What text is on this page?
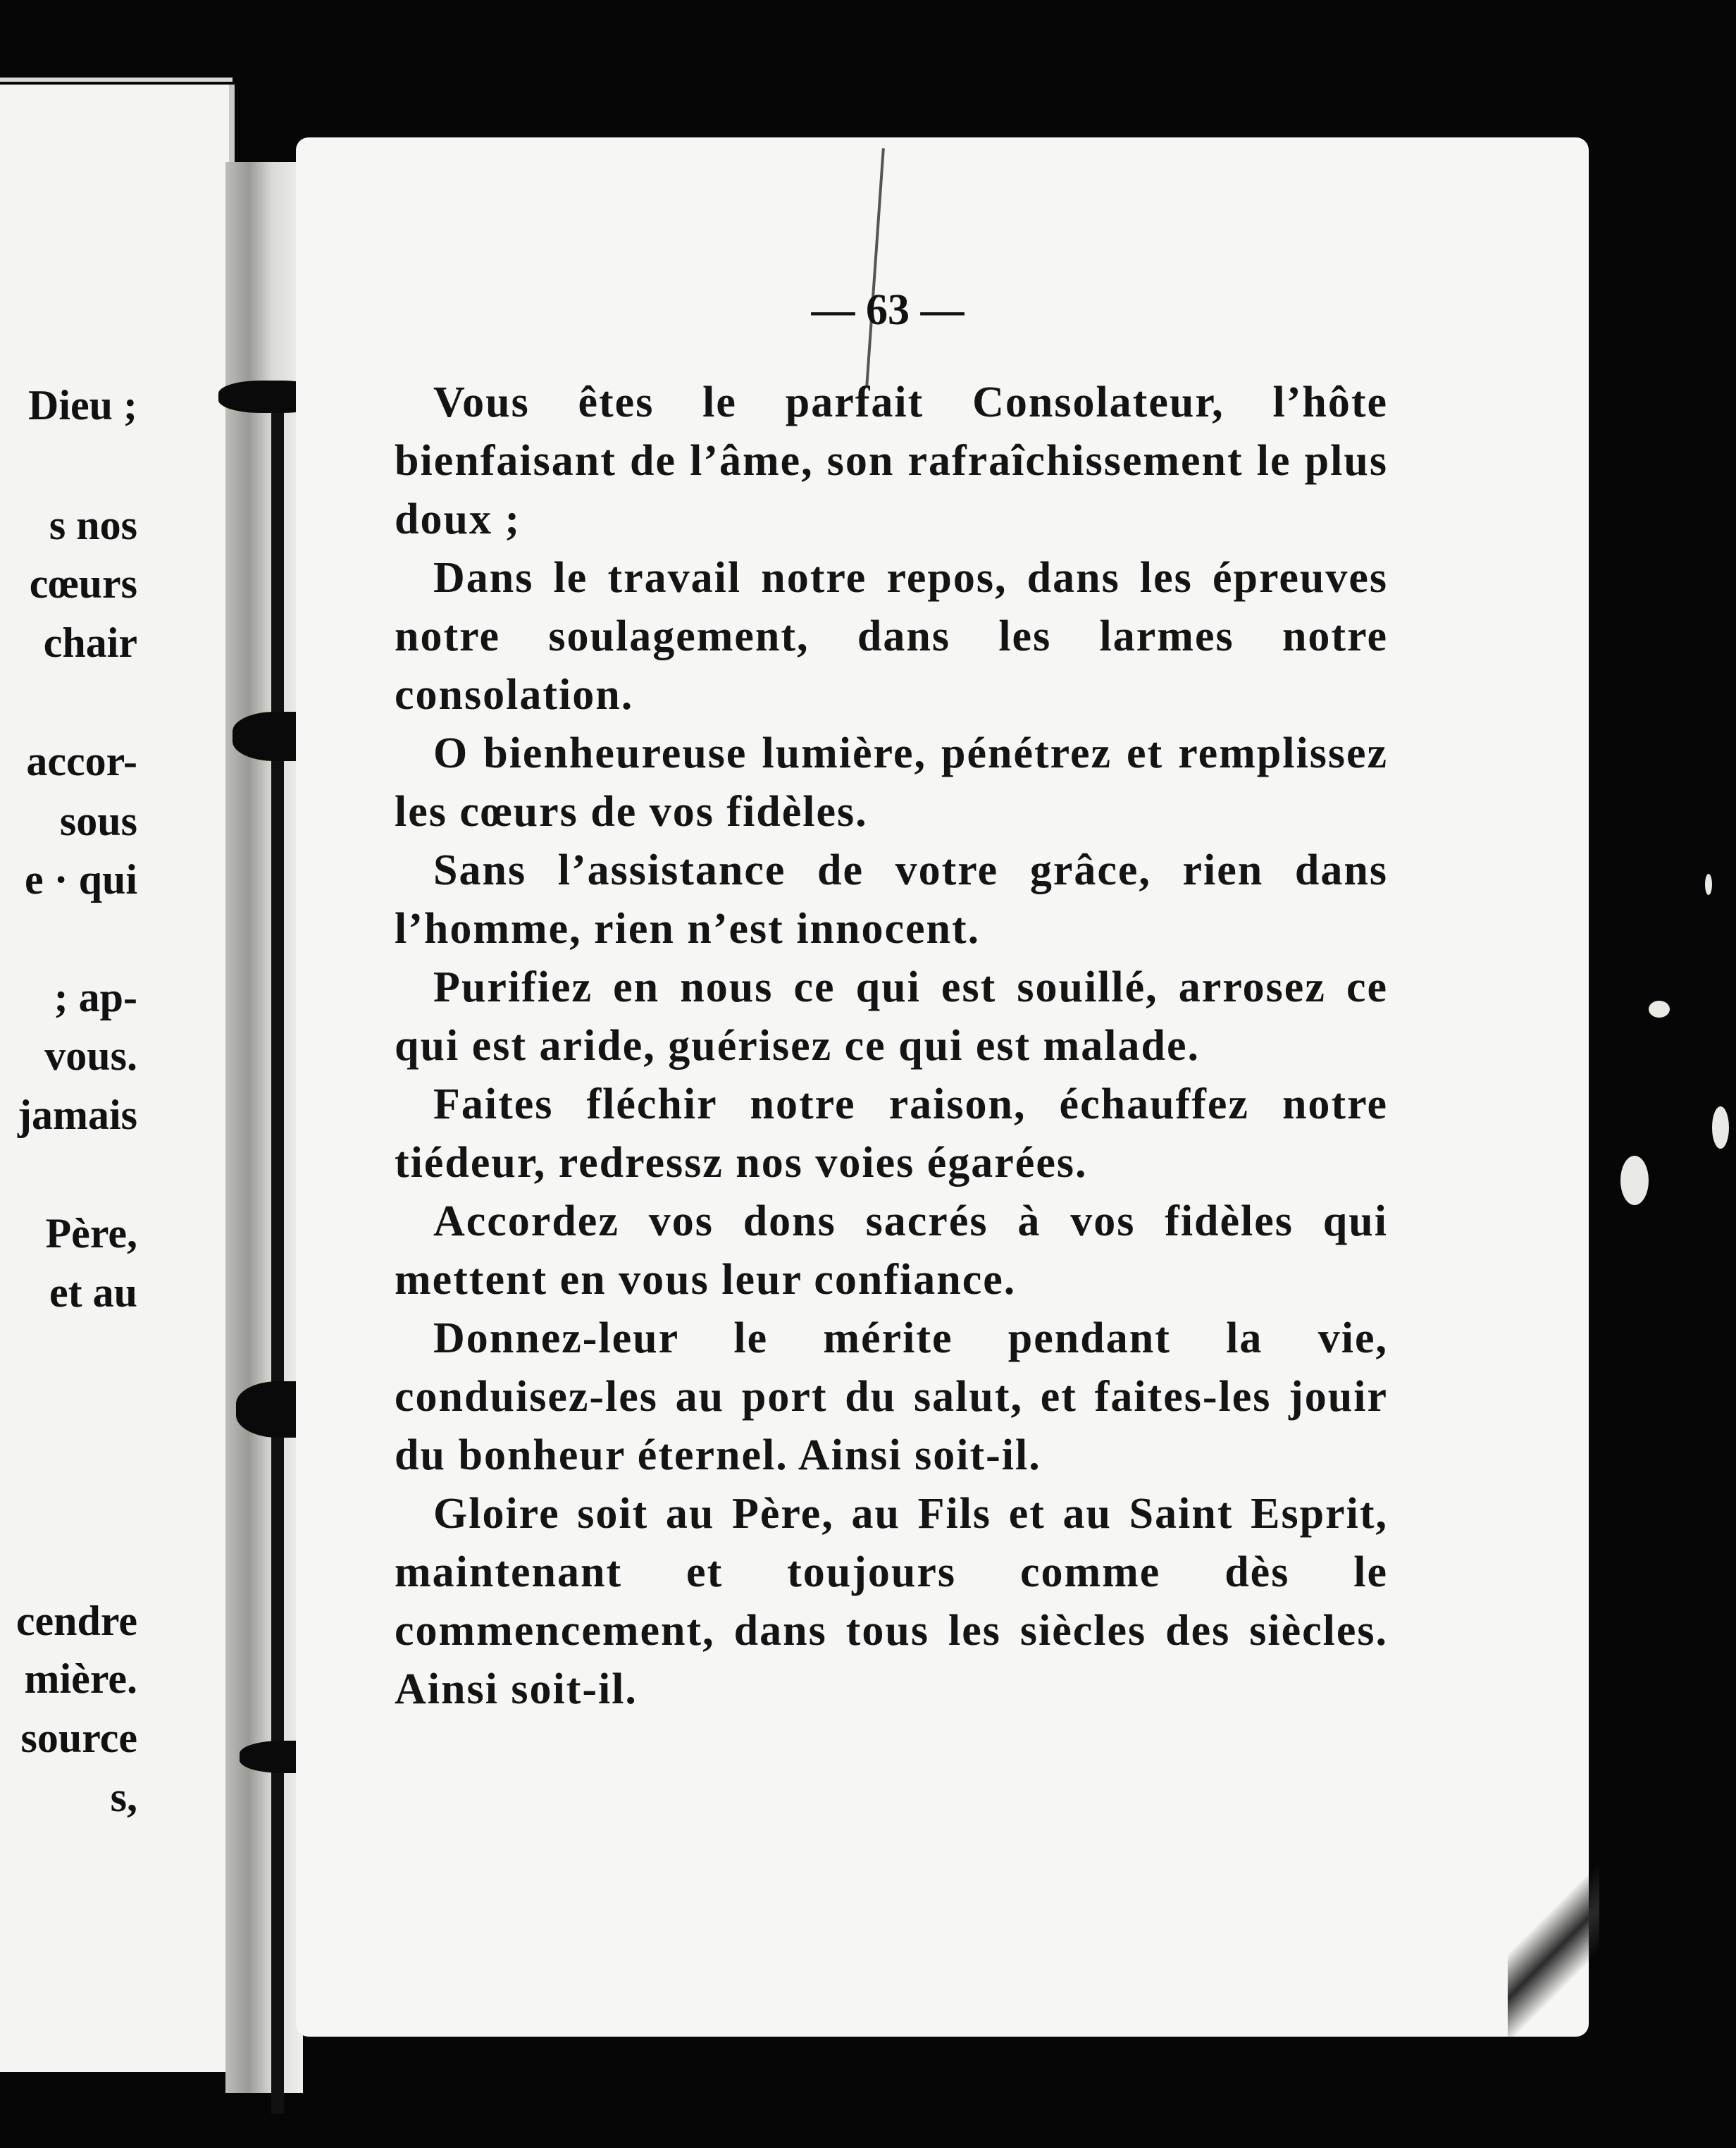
Dieu ;
s nos
cœurs
chair
accor-
sous
e · qui
; ap-
vous.
jamais
Père,
et au
cendre
mière.
source
s,
— 63 —

Vous êtes le parfait Consolateur, l’hôte bienfaisant de l’âme, son rafraîchissement le plus doux ;

Dans le travail notre repos, dans les épreuves notre soulagement, dans les larmes notre consolation.

O bienheureuse lumière, pénétrez et remplissez les cœurs de vos fidèles.

Sans l’assistance de votre grâce, rien dans l’homme, rien n’est innocent.

Purifiez en nous ce qui est souillé, arrosez ce qui est aride, guérisez ce qui est malade.

Faites fléchir notre raison, échauffez notre tiédeur, redressz nos voies égarées.

Accordez vos dons sacrés à vos fidèles qui mettent en vous leur confiance.

Donnez-leur le mérite pendant la vie, conduisez-les au port du salut, et faites-les jouir du bonheur éternel. Ainsi soit-il.

Gloire soit au Père, au Fils et au Saint Esprit, maintenant et toujours comme dès le commencement, dans tous les siècles des siècles. Ainsi soit-il.
